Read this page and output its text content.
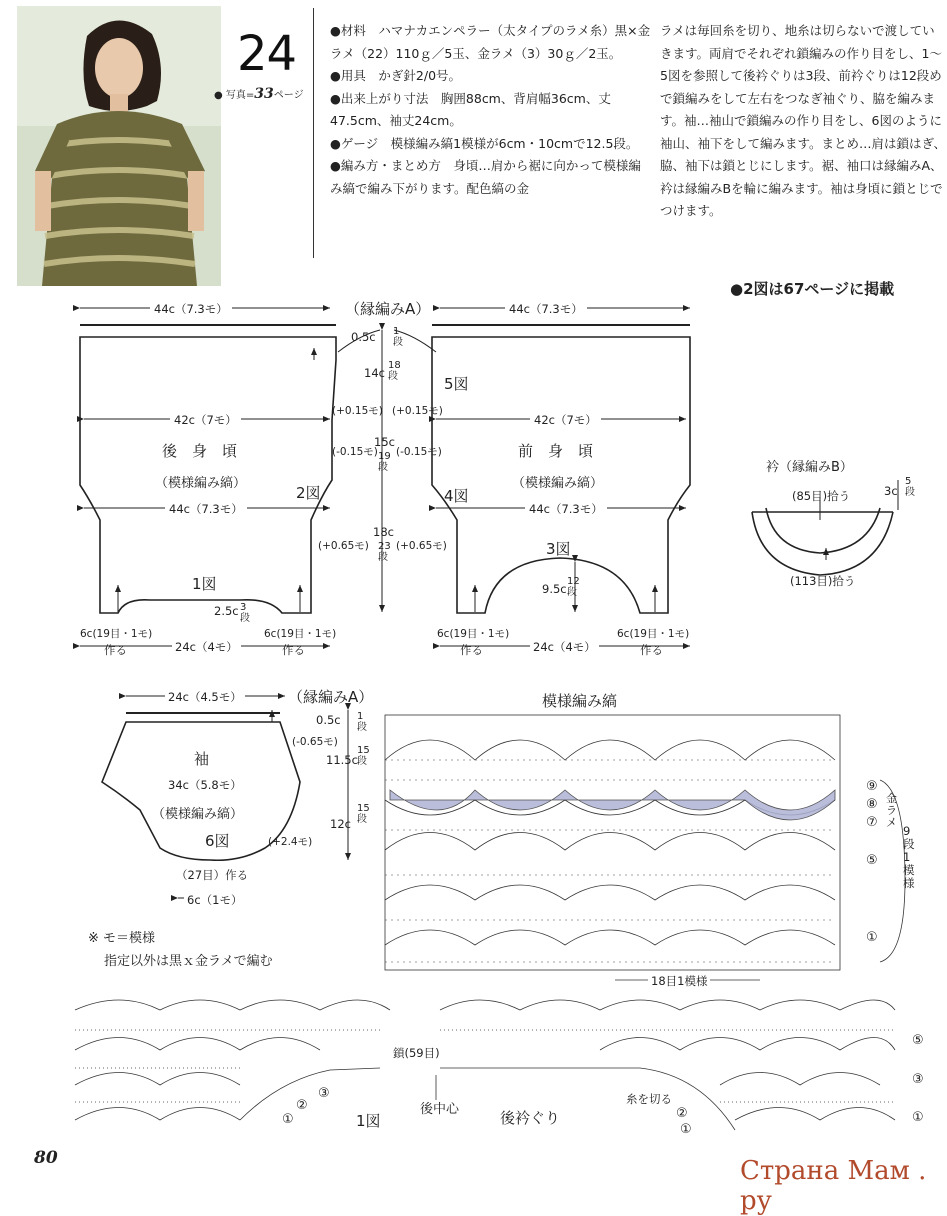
24
● 写真=33ページ

●材料　ハマナカエンペラー（太タイプのラメ糸）黒×金ラメ（22）110ｇ／5玉、金ラメ（3）30ｇ／2玉。

●用具　かぎ針2/0号。

●出来上がり寸法　胸囲88cm、背肩幅36cm、丈47.5cm、袖丈24cm。

●ゲージ　模様編み縞1模様が6cm・10cmで12.5段。

●編み方・まとめ方　身頃…肩から裾に向かって模様編み縞で編み下がります。配色縞の金

ラメは毎回糸を切り、地糸は切らないで渡していきます。両肩でそれぞれ鎖編みの作り目をし、1〜5図を参照して後衿ぐりは3段、前衿ぐりは12段めで鎖編みをして左右をつなぎ袖ぐり、脇を編みます。袖…袖山で鎖編みの作り目をし、6図のように袖山、袖下をして編みます。まとめ…肩は鎖はぎ、脇、袖下は鎖とじにします。裾、袖口は縁編みA、衿は縁編みBを輪に編みます。袖は身頃に鎖とじでつけます。

●2図は67ページに掲載
（縁編みA）
44c（7.3モ）	44c（7.3モ）
42c（7モ）	42c（7モ）
後　身　頃
（模様編み縞）
前　身　頃
（模様編み縞）
2図	4図
5図
44c（7.3モ）	44c（7.3モ）
1図
3図
2.5c 3段
9.5c
12段
6c(19目・1モ)
作る	24c（4モ）
6c(19目・1モ)
作る
6c(19目・1モ)
作る	24c（4モ）
6c(19目・1モ)
作る
0.5c 1段
14c
18段
(+0.15モ) (+0.15モ)
15c
19段
(-0.15モ) (-0.15モ)
18c
23段
(+0.65モ)	(+0.65モ)
衿（縁編みB）
(85目)拾う
(113目)拾う
3c
5段
24c（4.5モ）	（縁編みA）
袖
34c（5.8モ）
（模様編み縞）
6図	(+2.4モ)
0.5c 1段
(-0.65モ)
11.5c
15段
12c
15段
（27目）作る
6c（1モ）
※ モ＝模様
指定以外は黒ｘ金ラメで編む
模様編み縞
⑨
⑧
⑦
⑤
①
金ラメ
9段1模様
18目1模様
鎖(59目)
後中心
1図	後衿ぐり
糸を切る
⑤
③
①
②
③
①	②
①
80	Страна Мам . ру
